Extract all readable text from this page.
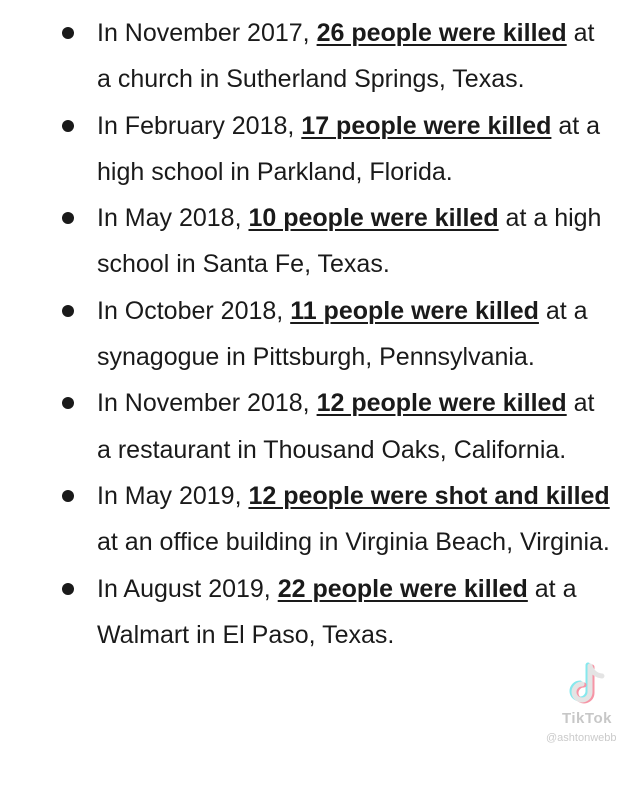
In November 2017, 26 people were killed at a church in Sutherland Springs, Texas.
In February 2018, 17 people were killed at a high school in Parkland, Florida.
In May 2018, 10 people were killed at a high school in Santa Fe, Texas.
In October 2018, 11 people were killed at a synagogue in Pittsburgh, Pennsylvania.
In November 2018, 12 people were killed at a restaurant in Thousand Oaks, California.
In May 2019, 12 people were shot and killed at an office building in Virginia Beach, Virginia.
In August 2019, 22 people were killed at a Walmart in El Paso, Texas.
TikTok
@ashtonwebb
